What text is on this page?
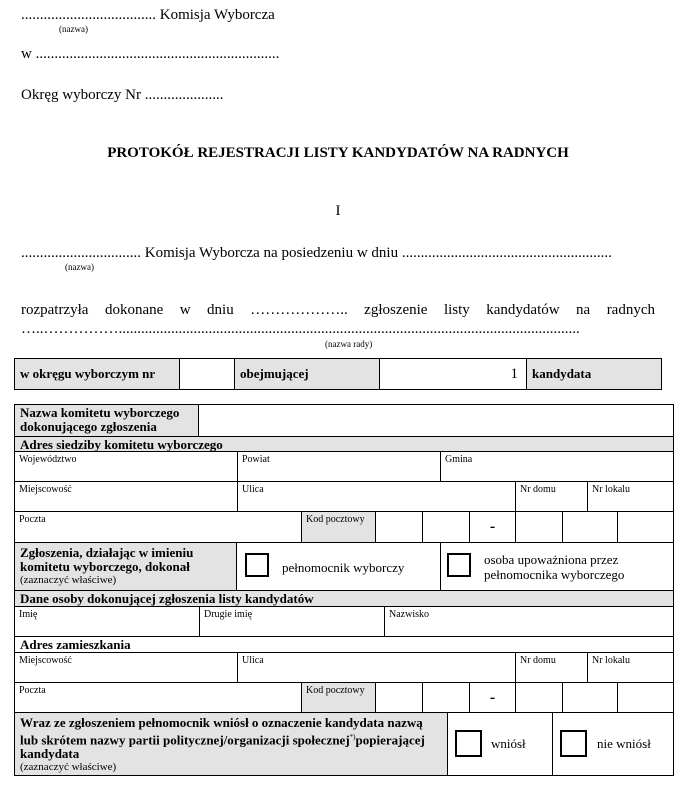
.................................... Komisja Wyborcza
(nazwa)
w .................................................................
Okręg wyborczy Nr .....................
PROTOKÓŁ REJESTRACJI LISTY KANDYDATÓW NA RADNYCH
I
................................ Komisja Wyborcza na posiedzeniu w dniu ........................................................
(nazwa)
rozpatrzyła dokonane w dniu ……………….. zgłoszenie listy kandydatów na radnych
…..……………...........................................................................................................................
(nazwa rady)
w okręgu wyborczym nr	obejmującej	1	kandydata
Nazwa komitetu wyborczego dokonującego zgłoszenia
Adres siedziby komitetu wyborczego
Województwo	Powiat	Gmina
Miejscowość	Ulica	Nr domu	Nr lokalu
Poczta	Kod pocztowy	-
Zgłoszenia, działając w imieniu komitetu wyborczego, dokonał
(zaznaczyć właściwe)
pełnomocnik wyborczy
osoba upoważniona przez pełnomocnika wyborczego
Dane osoby dokonującej zgłoszenia listy kandydatów
Imię	Drugie imię	Nazwisko
Adres zamieszkania
Miejscowość	Ulica	Nr domu	Nr lokalu
Poczta	Kod pocztowy	-
Wraz ze zgłoszeniem pełnomocnik wniósł o oznaczenie kandydata nazwą lub skrótem nazwy partii politycznej/organizacji społecznej*)popierającej kandydata
(zaznaczyć właściwe)
wniósł	nie wniósł
